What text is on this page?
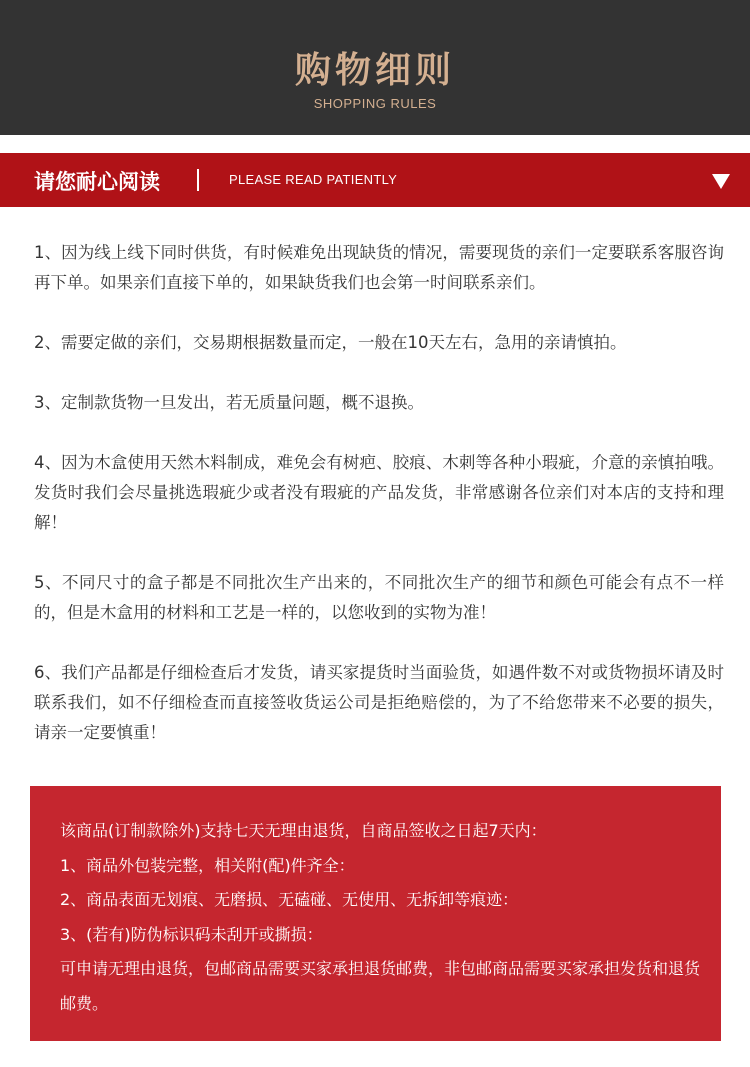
购物细则
SHOPPING RULES
请您耐心阅读	PLEASE READ PATIENTLY

1、因为线上线下同时供货，有时候难免出现缺货的情况，需要现货的亲们一定要联系客服咨询再下单。如果亲们直接下单的，如果缺货我们也会第一时间联系亲们。

2、需要定做的亲们，交易期根据数量而定，一般在10天左右，急用的亲请慎拍。

3、定制款货物一旦发出，若无质量问题，概不退换。

4、因为木盒使用天然木料制成，难免会有树疤、胶痕、木刺等各种小瑕疵，介意的亲慎拍哦。发货时我们会尽量挑选瑕疵少或者没有瑕疵的产品发货，非常感谢各位亲们对本店的支持和理解！

5、不同尺寸的盒子都是不同批次生产出来的，不同批次生产的细节和颜色可能会有点不一样的，但是木盒用的材料和工艺是一样的，以您收到的实物为准！

6、我们产品都是仔细检查后才发货，请买家提货时当面验货，如遇件数不对或货物损坏请及时联系我们，如不仔细检查而直接签收货运公司是拒绝赔偿的，为了不给您带来不必要的损失，请亲一定要慎重！

该商品(订制款除外)支持七天无理由退货，自商品签收之日起7天内：

1、商品外包装完整，相关附(配)件齐全：

2、商品表面无划痕、无磨损、无磕碰、无使用、无拆卸等痕迹：

3、(若有)防伪标识码未刮开或撕损：

可申请无理由退货，包邮商品需要买家承担退货邮费，非包邮商品需要买家承担发货和退货邮费。
